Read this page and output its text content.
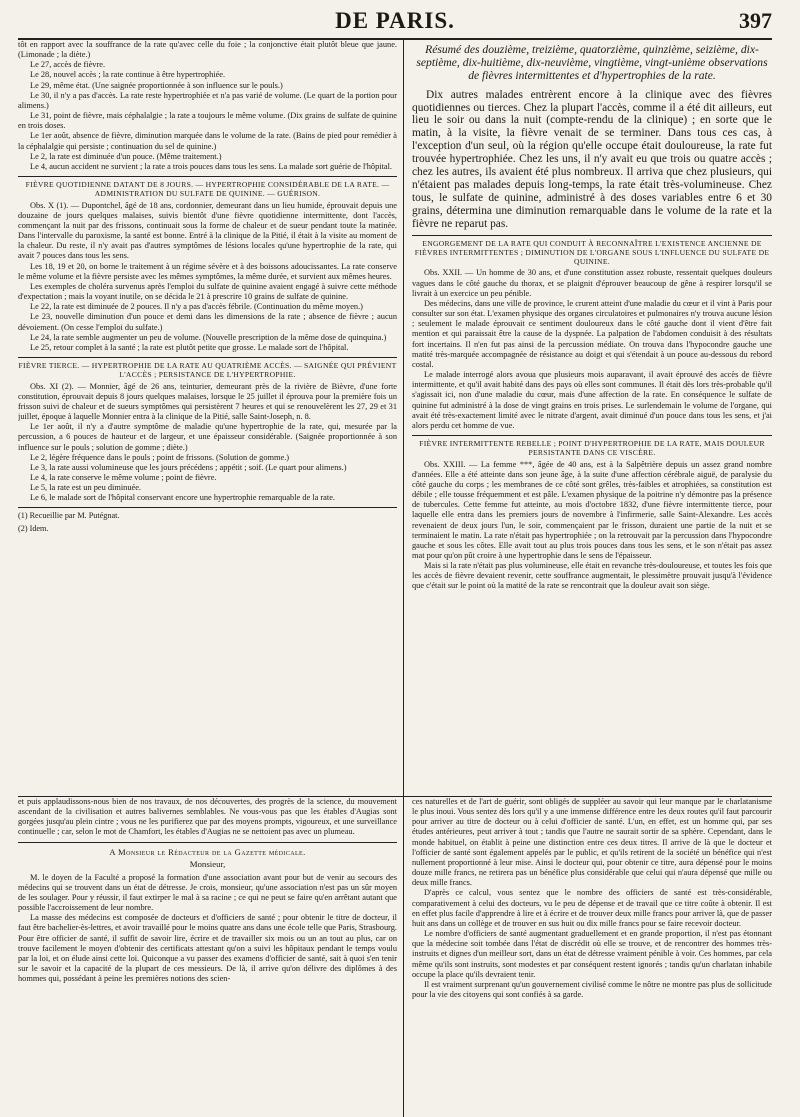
DE PARIS.	397

tôt en rapport avec la souffrance de la rate qu'avec celle du foie ; la conjonctive était plutôt bleue que jaune. (Limonade ; la diète.)

Le 27, accès de fièvre.

Le 28, nouvel accès ; la rate continue à être hypertrophiée.

Le 29, même état. (Une saignée proportionnée à son influence sur le pouls.)

Le 30, il n'y a pas d'accès. La rate reste hypertrophiée et n'a pas varié de volume. (Le quart de la portion pour alimens.)

Le 31, point de fièvre, mais céphalalgie ; la rate a toujours le même volume. (Dix grains de sulfate de quinine en trois doses.

Le 1er août, absence de fièvre, diminution marquée dans le volume de la rate. (Bains de pied pour remédier à la céphalalgie qui persiste ; continuation du sel de quinine.)

Le 2, la rate est diminuée d'un pouce. (Même traitement.)

Le 4, aucun accident ne survient ; la rate a trois pouces dans tous les sens. La malade sort guérie de l'hôpital.

FIÈVRE QUOTIDIENNE DATANT DE 8 JOURS. — HYPERTROPHIE CONSIDÉRABLE DE LA RATE. — ADMINISTRATION DU SULFATE DE QUININE. — GUÉRISON.

Obs. X (1). — Dupontchel, âgé de 18 ans, cordonnier, demeurant dans un lieu humide, éprouvait depuis une douzaine de jours quelques malaises, suivis bientôt d'une fièvre quotidienne intermittente, dont l'accès, commençant la nuit par des frissons, continuait sous la forme de chaleur et de sueur pendant toute la matinée. Dans l'intervalle du paroxisme, la santé est bonne. Entré à la clinique de la Pitié, il était à la visite au moment de la chaleur. Du reste, il n'y avait pas d'autres symptômes de lésions locales qu'une hypertrophie de la rate, qui avait 7 pouces dans tous les sens.

Les 18, 19 et 20, on borne le traitement à un régime sévère et à des boissons adoucissantes. La rate conserve le même volume et la fièvre persiste avec les mêmes symptômes, la même durée, et survient aux mêmes heures.

Les exemples de choléra survenus après l'emploi du sulfate de quinine avaient engagé à suivre cette méthode d'expectation ; mais la voyant inutile, on se décida le 21 à prescrire 10 grains de sulfate de quinine.

Le 22, la rate est diminuée de 2 pouces. Il n'y a pas d'accès fébrile. (Continuation du même moyen.)

Le 23, nouvelle diminution d'un pouce et demi dans les dimensions de la rate ; absence de fièvre ; aucun dévoiement. (On cesse l'emploi du sulfate.)

Le 24, la rate semble augmenter un peu de volume. (Nouvelle prescription de la même dose de quinquina.)

Le 25, retour complet à la santé ; la rate est plutôt petite que grosse. Le malade sort de l'hôpital.

FIÈVRE TIERCE. — HYPERTROPHIE DE LA RATE AU QUATRIÈME ACCÈS. — SAIGNÉE QUI PRÉVIENT L'ACCÈS ; PERSISTANCE DE L'HYPERTROPHIE.

Obs. XI (2). — Monnier, âgé de 26 ans, teinturier, demeurant près de la rivière de Bièvre, d'une forte constitution, éprouvait depuis 8 jours quelques malaises, lorsque le 25 juillet il éprouva pour la première fois un frisson suivi de chaleur et de sueurs symptômes qui persistèrent 7 heures et qui se renouvelèrent les 27, 29 et 31 juillet, époque à laquelle Monnier entra à la clinique de la Pitié, salle Saint-Joseph, n. 8.

Le 1er août, il n'y a d'autre symptôme de maladie qu'une hypertrophie de la rate, qui, mesurée par la percussion, a 6 pouces de hauteur et de largeur, et une épaisseur considérable. (Saignée proportionnée à son influence sur le pouls ; solution de gomme ; diète.)

Le 2, légère fréquence dans le pouls ; point de frissons. (Solution de gomme.)

Le 3, la rate aussi volumineuse que les jours précédens ; appétit ; soif. (Le quart pour alimens.)

Le 4, la rate conserve le même volume ; point de fièvre.

Le 5, la rate est un peu diminuée.

Le 6, le malade sort de l'hôpital conservant encore une hypertrophie remarquable de la rate.

(1) Recueillie par M. Putégnat.

(2) Idem.

Résumé des douzième, treizième, quatorzième, quinzième, seizième, dix-septième, dix-huitième, dix-neuvième, vingtième, vingt-unième observations de fièvres intermittentes et d'hypertrophies de la rate.

Dix autres malades entrèrent encore à la clinique avec des fièvres quotidiennes ou tierces. Chez la plupart l'accès, comme il a été dit ailleurs, eut lieu le soir ou dans la nuit (compte-rendu de la clinique) ; en sorte que le matin, à la visite, la fièvre venait de se terminer. Dans tous ces cas, à l'exception d'un seul, où la région qu'elle occupe était douloureuse, la rate fut trouvée hypertrophiée. Chez les uns, il n'y avait eu que trois ou quatre accès ; chez les autres, ils avaient été plus nombreux. Il arriva que chez plusieurs, qui n'étaient pas malades depuis long-temps, la rate était très-volumineuse. Chez tous, le sulfate de quinine, administré à des doses variables entre 6 et 30 grains, détermina une diminution remarquable dans le volume de la rate et la fièvre ne reparut pas.

ENGORGEMENT DE LA RATE QUI CONDUIT À RECONNAÎTRE L'EXISTENCE ANCIENNE DE FIÈVRES INTERMITTENTES ; DIMINUTION DE L'ORGANE SOUS L'INFLUENCE DU SULFATE DE QUININE.

Obs. XXII. — Un homme de 30 ans, et d'une constitution assez robuste, ressentait quelques douleurs vagues dans le côté gauche du thorax, et se plaignit d'éprouver beaucoup de gêne à respirer lorsqu'il se livrait à un exercice un peu pénible.

Des médecins, dans une ville de province, le crurent atteint d'une maladie du cœur et il vint à Paris pour consulter sur son état. L'examen physique des organes circulatoires et pulmonaires n'y trouva aucune lésion ; seulement le malade éprouvait ce sentiment douloureux dans le côté gauche dont il vient d'être fait mention et qui paraissait être la cause de la dyspnée. La palpation de l'abdomen conduisit à des résultats fort incertains. Il n'en fut pas ainsi de la percussion médiate. On trouva dans l'hypocondre gauche une matité très-marquée accompagnée de résistance au doigt et qui s'étendait à un pouce au-dessous du rebord costal.

Le malade interrogé alors avoua que plusieurs mois auparavant, il avait éprouvé des accès de fièvre intermittente, et qu'il avait habité dans des pays où elles sont communes. Il était dès lors très-probable qu'il s'agissait ici, non d'une maladie du cœur, mais d'une affection de la rate. En conséquence le sulfate de quinine fut administré à la dose de vingt grains en trois prises. Le surlendemain le volume de l'organe, qui avait été très-exactement limité avec le nitrate d'argent, avait diminué d'un pouce dans tous les sens, et j'ai alors perdu cet homme de vue.

FIÈVRE INTERMITTENTE REBELLE ; POINT D'HYPERTROPHIE DE LA RATE, MAIS DOULEUR PERSISTANTE DANS CE VISCÈRE.

Obs. XXIII. — La femme ***, âgée de 40 ans, est à la Salpêtrière depuis un assez grand nombre d'années. Elle a été atteinte dans son jeune âge, à la suite d'une affection cérébrale aiguë, de paralysie du côté gauche du corps ; les membranes de ce côté sont grêles, très-faibles et atrophiées, sa constitution est débile ; elle tousse fréquemment et est pâle. L'examen physique de la poitrine n'y démontre pas la présence de tubercules. Cette femme fut atteinte, au mois d'octobre 1832, d'une fièvre intermittente tierce, pour laquelle elle entra dans les premiers jours de novembre à l'infirmerie, salle Saint-Alexandre. Les accès revenaient de deux jours l'un, le soir, commençaient par le frisson, duraient une partie de la nuit et se terminaient le matin. La rate n'était pas hypertrophiée ; on la retrouvait par la percussion dans l'hypocondre gauche et sous les côtes. Elle avait tout au plus trois pouces dans tous les sens, et le son n'était pas assez mat pour qu'on pût croire à une hypertrophie dans le sens de l'épaisseur.

Mais si la rate n'était pas plus volumineuse, elle était en revanche très-douloureuse, et toutes les fois que les accès de fièvre devaient revenir, cette souffrance augmentait, le plessimètre prouvait jusqu'à l'évidence que c'était sur le point où la matité de la rate se rencontrait que la douleur avait son siège.

et puis applaudissons-nous bien de nos travaux, de nos découvertes, des progrès de la science, du mouvement ascendant de la civilisation et autres balivernes semblables. Ne vous-vous pas que les étables d'Augias sont gorgées jusqu'au plein cintre ; vous ne les purifierez que par des moyens prompts, vigoureux, et une surveillance continuelle ; car, selon le mot de Chamfort, les étables d'Augias ne se nettoient pas avec un plumeau.

A Monsieur le Rédacteur de la Gazette médicale.

Monsieur,

M. le doyen de la Faculté a proposé la formation d'une association avant pour but de venir au secours des médecins qui se trouvent dans un état de détresse. Je crois, monsieur, qu'une association n'est pas un sûr moyen de les soulager. Pour y réussir, il faut extirper le mal à sa racine ; ce qui ne peut se faire qu'en arrêtant autant que possible l'accroissement de leur nombre.

La masse des médecins est composée de docteurs et d'officiers de santé ; pour obtenir le titre de docteur, il faut être bachelier-ès-lettres, et avoir travaillé pour le moins quatre ans dans une école telle que Paris, Strasbourg. Pour être officier de santé, il suffit de savoir lire, écrire et de travailler six mois ou un an tout au plus, car on trouve facilement le moyen d'obtenir des certificats attestant qu'on a suivi les hôpitaux pendant le temps voulu par la loi, et on élude ainsi cette loi. Quiconque a vu passer des examens d'officier de santé, sait à quoi s'en tenir sur le savoir et la capacité de la plupart de ces messieurs. De là, il arrive qu'on délivre des diplômes à des hommes qui, possédant à peine les premières notions des scien-

ces naturelles et de l'art de guérir, sont obligés de suppléer au savoir qui leur manque par le charlatanisme le plus inoui. Vous sentez dès lors qu'il y a une immense différence entre les deux routes qu'il faut parcourir pour arriver au titre de docteur ou à celui d'officier de santé. L'un, en effet, est un homme qui, par ses études antérieures, peut arriver à tout ; tandis que l'autre ne saurait sortir de sa sphère. Cependant, dans le monde habituel, on établit à peine une distinction entre ces deux titres. Il arrive de là que le docteur et l'officier de santé sont également appelés par le public, et qu'ils retirent de la société un bénéfice qui n'est nullement proportionné à leur mise. Ainsi le docteur qui, pour obtenir ce titre, aura dépensé pour le moins douze mille francs, ne retirera pas un bénéfice plus considérable que celui qui n'aura dépensé que mille ou deux mille francs.

D'après ce calcul, vous sentez que le nombre des officiers de santé est très-considérable, comparativement à celui des docteurs, vu le peu de dépense et de travail que ce titre coûte à obtenir. Il est en effet plus facile d'apprendre à lire et à écrire et de trouver deux mille francs pour arriver là, que de passer huit ans dans un collège et de trouver en sus huit ou dix mille francs pour se faire recevoir docteur.

Le nombre d'officiers de santé augmentant graduellement et en grande proportion, il n'est pas étonnant que la médecine soit tombée dans l'état de discrédit où elle se trouve, et de rencontrer des hommes très-instruits et dignes d'un meilleur sort, dans un état de détresse vraiment pénible à voir. Ces hommes, par cela même qu'ils sont instruits, sont modestes et par conséquent restent ignorés ; tandis qu'un charlatan inhabile occupe la place qu'ils devraient tenir.

Il est vraiment surprenant qu'un gouvernement civilisé comme le nôtre ne montre pas plus de sollicitude pour la vie des citoyens qui sont confiés à sa garde.
